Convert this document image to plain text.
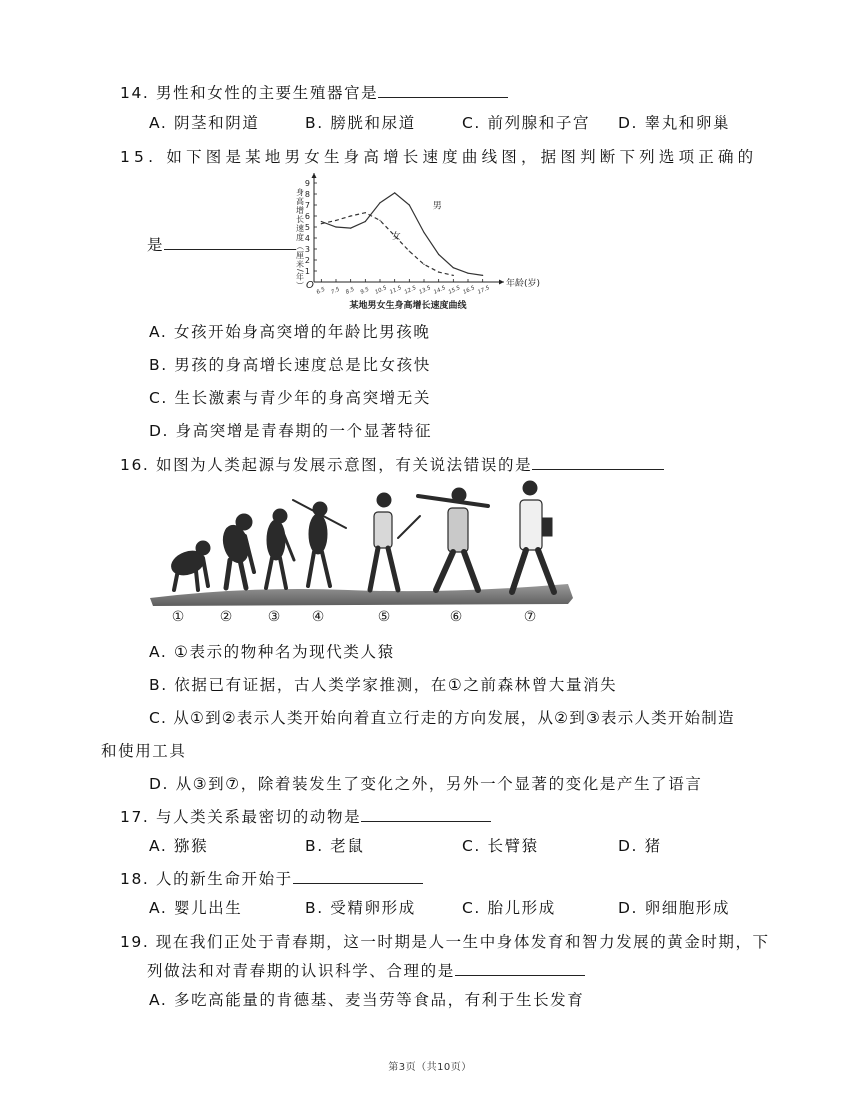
14. 男性和女性的主要生殖器官是
A. 阴茎和阴道	B. 膀胱和尿道	C. 前列腺和子宫 D. 睾丸和卵巢
15. 如下图是某地男女生身高增长速度曲线图，据图判断下列选项正确的
是
O
1
2
3
4
5
6
7
8
9
6.5 7.5 8.5 9.5 10.5 11.5 12.5 13.5 14.5 15.5 16.5 17.5
身高增长速度（厘米/年）	年龄(岁)
某地男女生身高增长速度曲线
男
女
A. 女孩开始身高突增的年龄比男孩晚
B. 男孩的身高增长速度总是比女孩快
C. 生长激素与青少年的身高突增无关
D. 身高突增是青春期的一个显著特征
16. 如图为人类起源与发展示意图，有关说法错误的是
①	②	③ ④	⑤	⑥	⑦
A. ①表示的物种名为现代类人猿
B. 依据已有证据，古人类学家推测，在①之前森林曾大量消失
C. 从①到②表示人类开始向着直立行走的方向发展，从②到③表示人类开始制造
和使用工具
D. 从③到⑦，除着装发生了变化之外，另外一个显著的变化是产生了语言
17. 与人类关系最密切的动物是
A. 猕猴	B. 老鼠	C. 长臂猿	D. 猪
18. 人的新生命开始于
A. 婴儿出生	B. 受精卵形成	C. 胎儿形成	D. 卵细胞形成
19. 现在我们正处于青春期，这一时期是人一生中身体发育和智力发展的黄金时期，下
列做法和对青春期的认识科学、合理的是
A. 多吃高能量的肯德基、麦当劳等食品，有利于生长发育
第3页（共10页）
